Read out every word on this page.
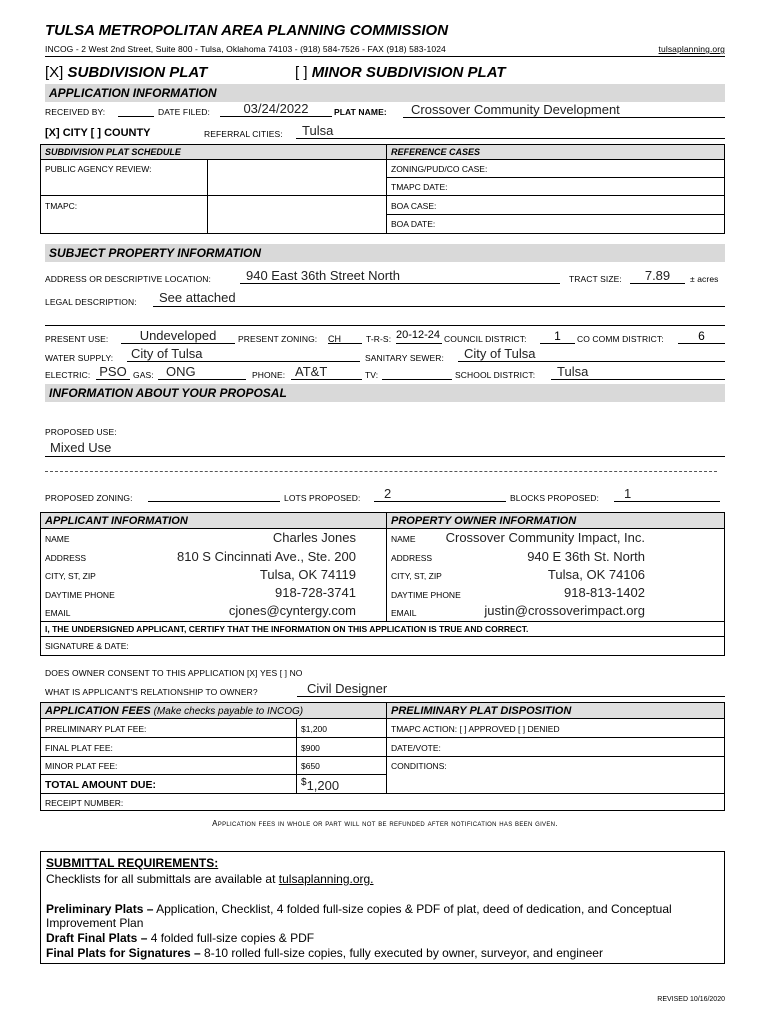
TULSA METROPOLITAN AREA PLANNING COMMISSION
INCOG - 2 West 2nd Street, Suite 800 - Tulsa, Oklahoma 74103 - (918) 584-7526 - FAX (918) 583-1024	tulsaplanning.org
[X] SUBDIVISION PLAT	[ ] MINOR SUBDIVISION PLAT
APPLICATION INFORMATION
RECEIVED BY:	DATE FILED:	03/24/2022	PLAT NAME:	Crossover Community Development
[X] CITY [ ] COUNTY	REFERRAL CITIES:	Tulsa
SUBDIVISION PLAT SCHEDULE	REFERENCE CASES
PUBLIC AGENCY REVIEW:
TMAPC:
ZONING/PUD/CO CASE:
TMAPC DATE:
BOA CASE:
BOA DATE:
SUBJECT PROPERTY INFORMATION
ADDRESS OR DESCRIPTIVE LOCATION:	940 East 36th Street North	TRACT SIZE:	7.89	± acres
LEGAL DESCRIPTION:	See attached
PRESENT USE:	Undeveloped	PRESENT ZONING: CH	T-R-S: 20-12-24 COUNCIL DISTRICT:	1	CO COMM DISTRICT:	6
WATER SUPPLY:	City of Tulsa	SANITARY SEWER:	City of Tulsa
ELECTRIC: PSO GAS: ONG	PHONE: AT&T	TV:	SCHOOL DISTRICT:	Tulsa
INFORMATION ABOUT YOUR PROPOSAL
PROPOSED USE:
Mixed Use
PROPOSED ZONING:	LOTS PROPOSED:	2	BLOCKS PROPOSED:	1
APPLICANT INFORMATION	PROPERTY OWNER INFORMATION
NAME	Charles Jones
ADDRESS	810 S Cincinnati Ave., Ste. 200
CITY, ST, ZIP	Tulsa, OK 74119
DAYTIME PHONE	918-728-3741
EMAIL	cjones@cyntergy.com
NAME Crossover Community Impact, Inc.
ADDRESS	940 E 36th St. North
CITY, ST, ZIP	Tulsa, OK 74106
DAYTIME PHONE	918-813-1402
EMAIL	justin@crossoverimpact.org
I, THE UNDERSIGNED APPLICANT, CERTIFY THAT THE INFORMATION ON THIS APPLICATION IS TRUE AND CORRECT.
SIGNATURE & DATE:
DOES OWNER CONSENT TO THIS APPLICATION [X] YES [ ] NO
WHAT IS APPLICANT'S RELATIONSHIP TO OWNER?	Civil Designer
APPLICATION FEES (Make checks payable to INCOG)	PRELIMINARY PLAT DISPOSITION
PRELIMINARY PLAT FEE:	$1,200
FINAL PLAT FEE:	$900
MINOR PLAT FEE:	$650
TOTAL AMOUNT DUE:	$1,200
RECEIPT NUMBER:
TMAPC ACTION: [ ] APPROVED [ ] DENIED
DATE/VOTE:
CONDITIONS:
Application fees in whole or part will not be refunded after notification has been given.
SUBMITTAL REQUIREMENTS:
Checklists for all submittals are available at tulsaplanning.org.
Preliminary Plats – Application, Checklist, 4 folded full-size copies & PDF of plat, deed of dedication, and Conceptual Improvement Plan
Draft Final Plats – 4 folded full-size copies & PDF
Final Plats for Signatures – 8-10 rolled full-size copies, fully executed by owner, surveyor, and engineer
REVISED 10/16/2020
